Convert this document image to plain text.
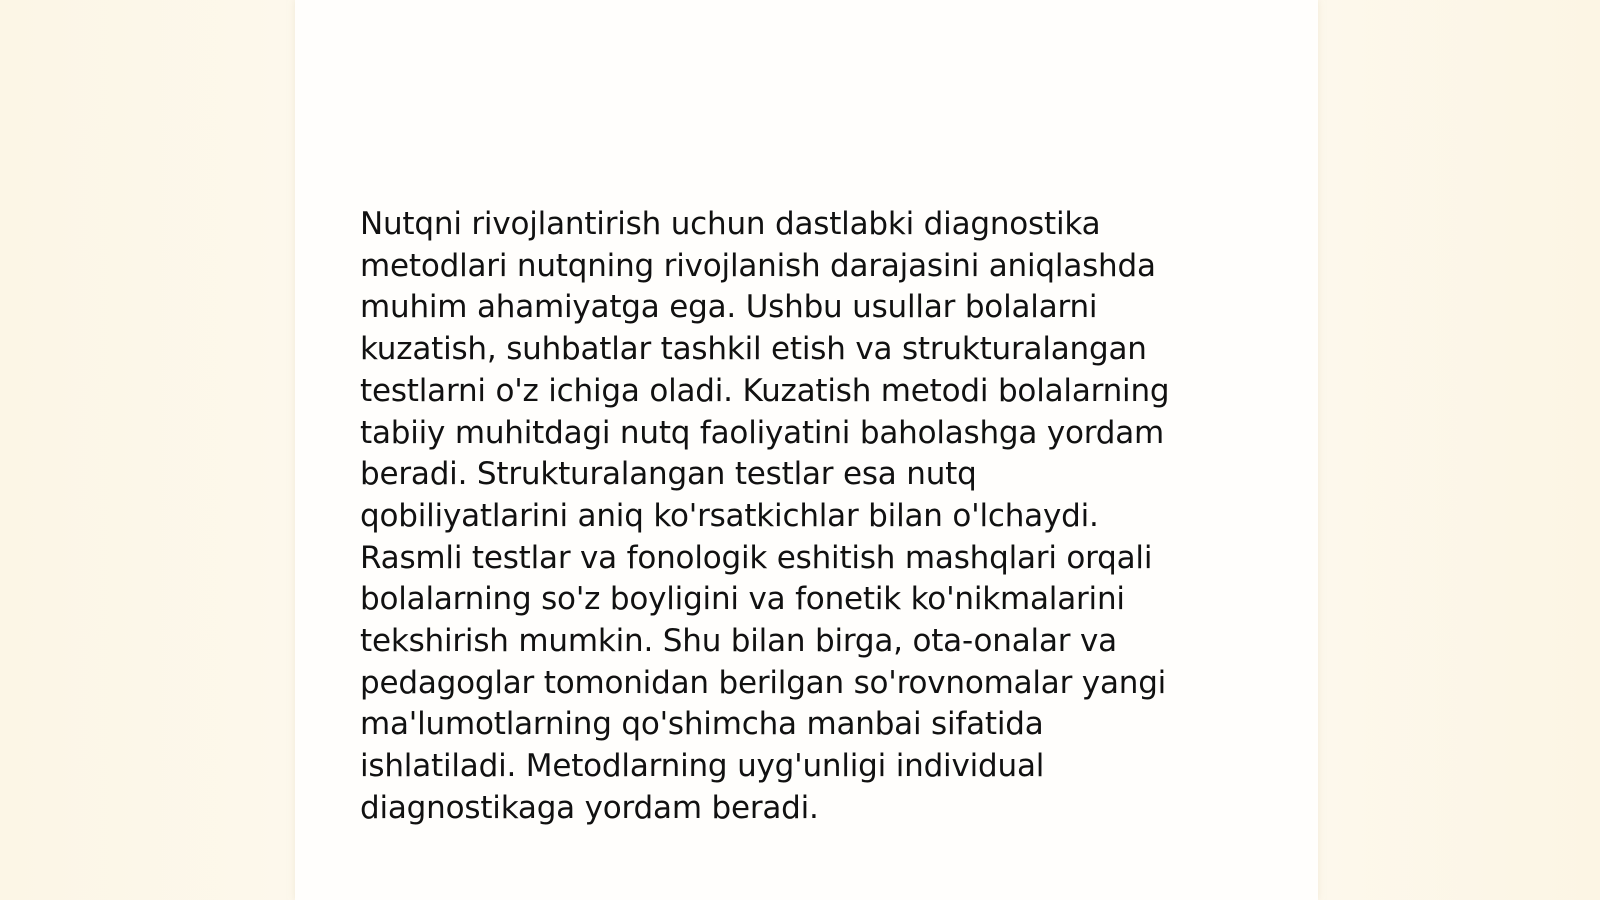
Nutqni rivojlantirish uchun dastlabki diagnostika
metodlari nutqning rivojlanish darajasini aniqlashda
muhim ahamiyatga ega. Ushbu usullar bolalarni
kuzatish, suhbatlar tashkil etish va strukturalangan
testlarni o'z ichiga oladi. Kuzatish metodi bolalarning
tabiiy muhitdagi nutq faoliyatini baholashga yordam
beradi. Strukturalangan testlar esa nutq
qobiliyatlarini aniq ko'rsatkichlar bilan o'lchaydi.
Rasmli testlar va fonologik eshitish mashqlari orqali
bolalarning so'z boyligini va fonetik ko'nikmalarini
tekshirish mumkin. Shu bilan birga, ota-onalar va
pedagoglar tomonidan berilgan so'rovnomalar yangi
ma'lumotlarning qo'shimcha manbai sifatida
ishlatiladi. Metodlarning uyg'unligi individual
diagnostikaga yordam beradi.
